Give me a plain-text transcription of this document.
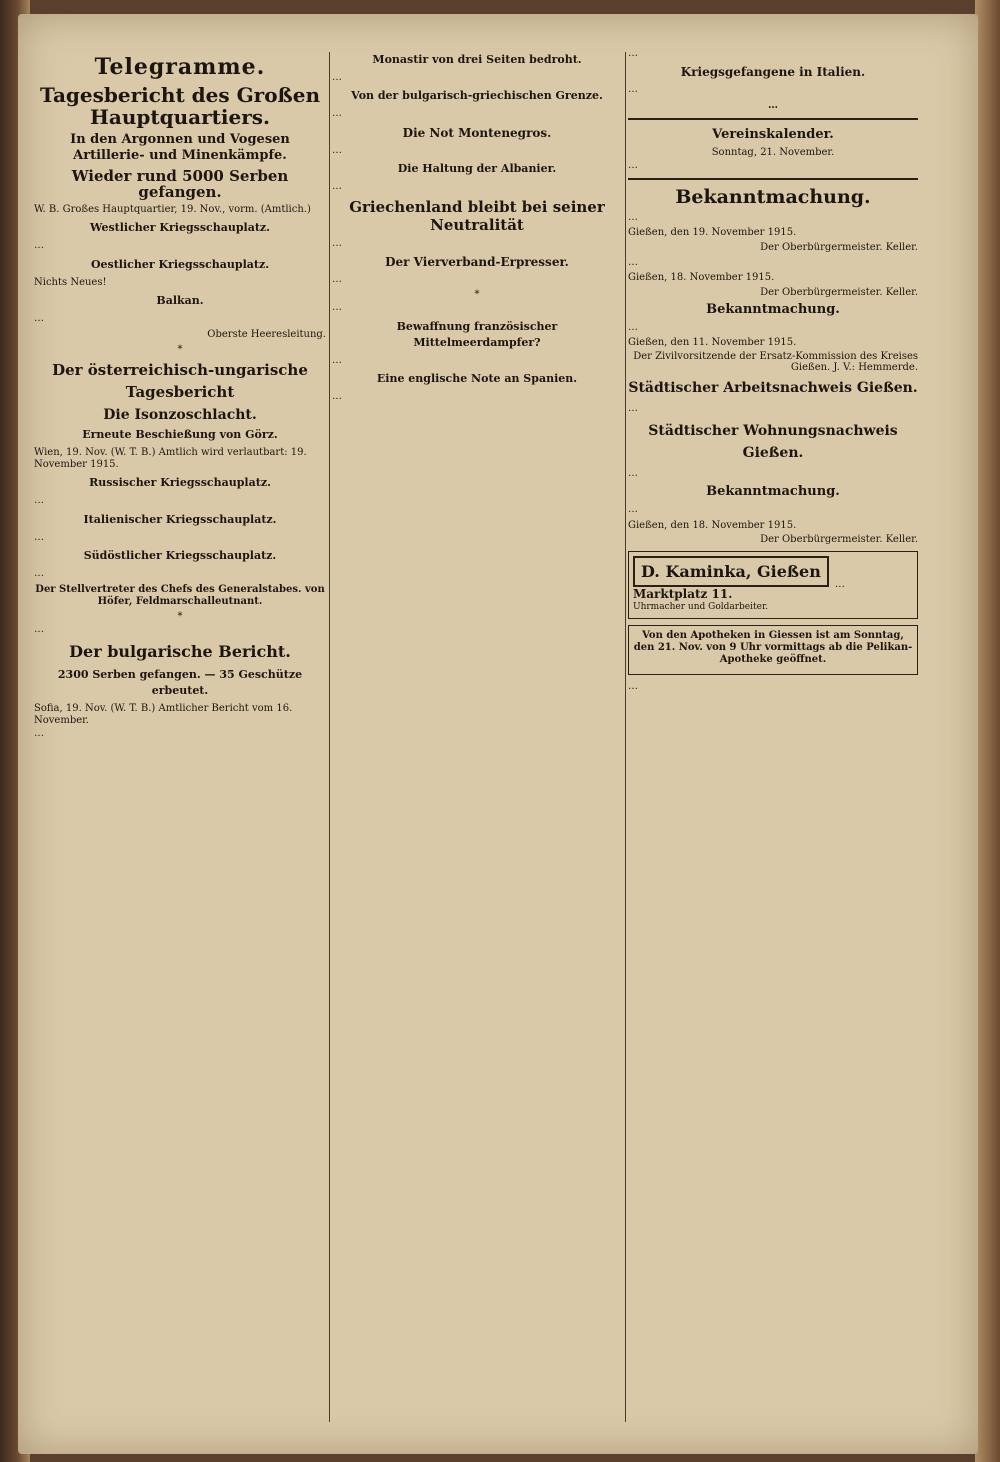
Telegramme.
Tagesbericht des Großen Hauptquartiers.
In den Argonnen und Vogesen Artillerie- und Minenkämpfe.
Wieder rund 5000 Serben gefangen.

W. B. Großes Hauptquartier, 19. Nov., vorm. (Amtlich.)

Westlicher Kriegsschauplatz.

…

Oestlicher Kriegsschauplatz.

Nichts Neues!

Balkan.

…

Oberste Heeresleitung.
*
Der österreichisch-ungarische Tagesbericht
Die Isonzoschlacht.
Erneute Beschießung von Görz.

Wien, 19. Nov. (W. T. B.) Amtlich wird verlautbart: 19. November 1915.

Russischer Kriegsschauplatz.

…

Italienischer Kriegsschauplatz.

…

Südöstlicher Kriegsschauplatz.

…

Der Stellvertreter des Chefs des Generalstabes. von Höfer, Feldmarschalleutnant.

*

…

Der bulgarische Bericht.
2300 Serben gefangen. — 35 Geschütze erbeutet.

Sofia, 19. Nov. (W. T. B.) Amtlicher Bericht vom 16. November.

…

Monastir von drei Seiten bedroht.

…

Von der bulgarisch-griechischen Grenze.

…

Die Not Montenegros.

…

Die Haltung der Albanier.

…

Griechenland bleibt bei seiner Neutralität

…

Der Vierverband-Erpresser.

…

*

…

Bewaffnung französischer Mittelmeerdampfer?

…

Eine englische Note an Spanien.

…

…

Kriegsgefangene in Italien.

…

…

Vereinskalender.

Sonntag, 21. November.

…

Bekanntmachung.

…

Gießen, den 19. November 1915.

Der Oberbürgermeister. Keller.

…

Gießen, 18. November 1915.

Der Oberbürgermeister. Keller.
Bekanntmachung.

…

Gießen, den 11. November 1915.

Der Zivilvorsitzende der Ersatz-Kommission des Kreises Gießen. J. V.: Hemmerde.
Städtischer Arbeitsnachweis Gießen.

…

Städtischer Wohnungsnachweis Gießen.

…

Bekanntmachung.

…

Gießen, den 18. November 1915.

Der Oberbürgermeister. Keller.
D. Kaminka, Gießen
Marktplatz 11.
Uhrmacher und Goldarbeiter.
…

Von den Apotheken in Giessen ist am Sonntag, den 21. Nov. von 9 Uhr vormittags ab die Pelikan-Apotheke geöffnet.

…
